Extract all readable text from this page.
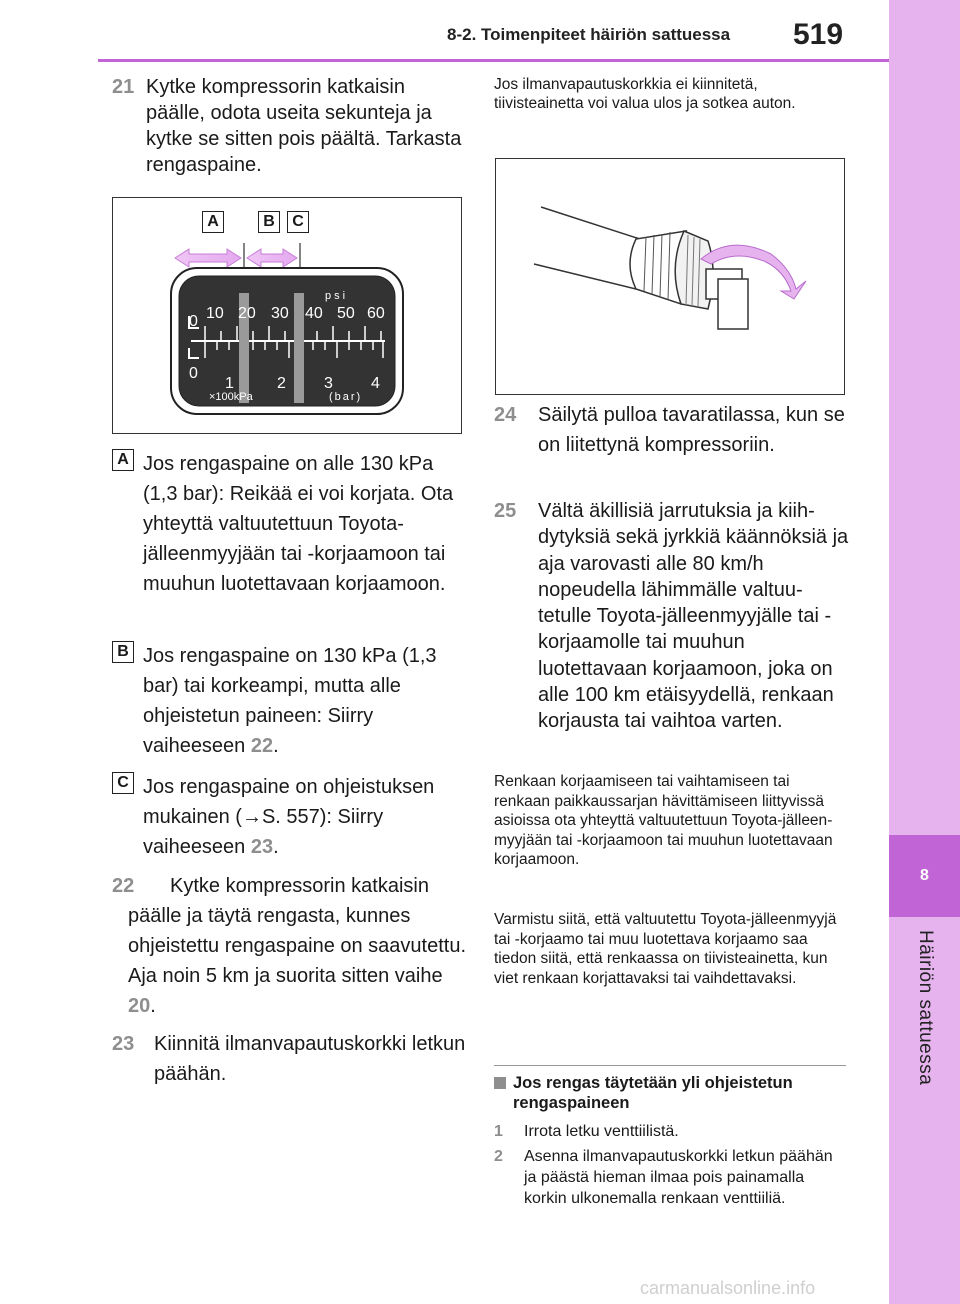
8
Häiriön sattuessa
8-2. Toimenpiteet häiriön sattuessa 519
21 Kytke kompressorin katkaisin päälle, odota useita sekunteja ja kytke se sitten pois päältä. Tarkasta rengaspaine.
psi
0 10 20 30 40 50 60
0
1	2 3 4
×100kPa	(bar)
A	B	C
A Jos rengaspaine on alle 130 kPa (1,3 bar): Reikää ei voi korjata. Ota yhteyttä valtuutettuun Toyota-jälleenmyyjään tai -korjaamoon tai muuhun luotettavaan korjaamoon.
B Jos rengaspaine on 130 kPa (1,3 bar) tai korkeampi, mutta alle ohjeistetun paineen: Siirry vaiheeseen 22.
C Jos rengaspaine on ohjeistuksen mukainen (→S. 557): Siirry vaiheeseen 23.
22	Kytke kompressorin katkaisin päälle ja täytä rengasta, kunnes ohjeistettu rengaspaine on saavutettu. Aja noin 5 km ja suorita sitten vaihe 20.
23 Kiinnitä ilmanvapautuskorkki letkun päähän.
Jos ilmanvapautuskorkkia ei kiinnitetä, tiivisteainetta voi valua ulos ja sotkea auton.
24 Säilytä pulloa tavaratilassa, kun se on liitettynä kompressoriin.
25 Vältä äkillisiä jarrutuksia ja kiihdytyksiä sekä jyrkkiä käännöksiä ja aja varovasti alle 80 km/h nopeudella lähimmälle valtuutetulle Toyota-jälleenmyyjälle tai -korjaamolle tai muuhun luotettavaan korjaamoon, joka on alle 100 km etäisyydellä, renkaan korjausta tai vaihtoa varten.
Renkaan korjaamiseen tai vaihtamiseen tai renkaan paikkaussarjan hävittämiseen liittyvissä asioissa ota yhteyttä valtuutettuun Toyota-jälleenmyyjään tai -korjaamoon tai muuhun luotettavaan korjaamoon.
Varmistu siitä, että valtuutettu Toyota-jälleenmyyjä tai -korjaamo tai muu luotettava korjaamo saa tiedon siitä, että renkaassa on tiivisteainetta, kun viet renkaan korjattavaksi tai vaihdettavaksi.
Jos rengas täytetään yli ohjeistetun rengaspaineen
1 Irrota letku venttiilistä.
2 Asenna ilmanvapautuskorkki letkun päähän ja päästä hieman ilmaa pois painamalla korkin ulkonemalla renkaan venttiiliä.
carmanualsonline.info
